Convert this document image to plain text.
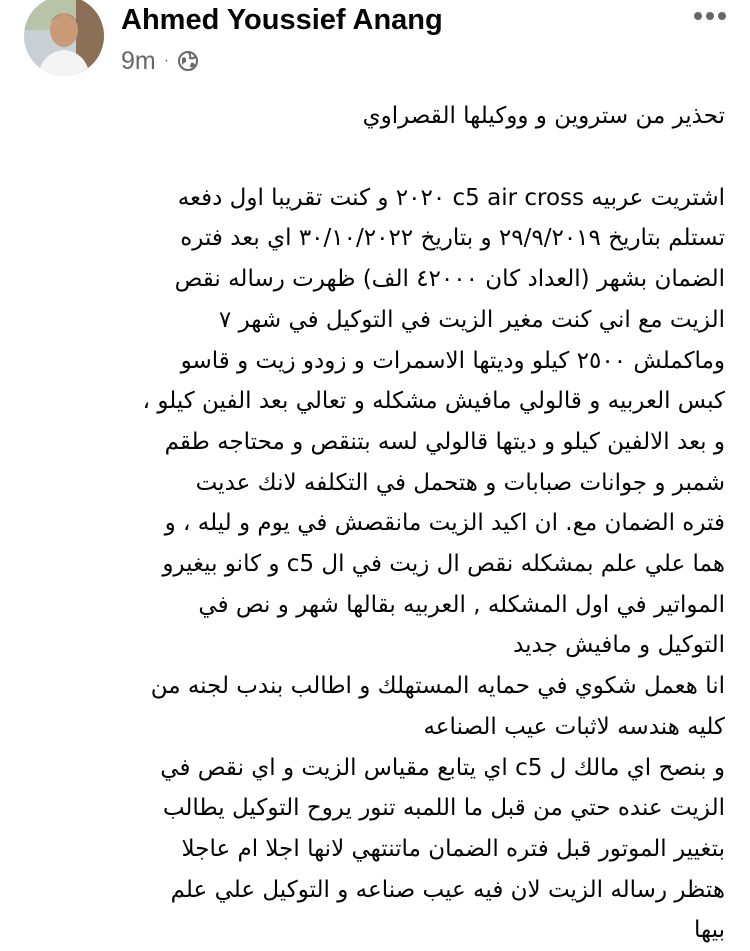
Ahmed Youssief Anang
9m ·

تحذير من ستروين و ووكيلها القصراوي

اشتريت عربيه c5 air cross ٢٠٢٠ و كنت تقريبا اول دفعه
تستلم بتاريخ ٢٩/٩/٢٠١٩ و بتاريخ ٣٠/١٠/٢٠٢٢ اي بعد فتره
الضمان بشهر (العداد كان ٤٢٠٠٠ الف) ظهرت رساله نقص
الزيت مع اني كنت مغير الزيت في التوكيل في شهر ٧
وماكملش ٢٥٠٠ كيلو وديتها الاسمرات و زودو زيت و قاسو
كبس العربيه و قالولي مافيش مشكله و تعالي بعد الفين كيلو ،
و بعد الالفين كيلو و ديتها قالولي لسه بتنقص و محتاجه طقم
شمبر و جوانات صبابات و هتحمل في التكلفه لانك عديت
فتره الضمان مع. ان اكيد الزيت مانقصش في يوم و ليله ، و
هما علي علم بمشكله نقص ال زيت في ال c5 و كانو بيغيرو
المواتير في اول المشكله , العربيه بقالها شهر و نص في
التوكيل و مافيش جديد
انا هعمل شكوي في حمايه المستهلك و اطالب بندب لجنه من
كليه هندسه لاثبات عيب الصناعه
و بنصح اي مالك ل c5 اي يتابع مقياس الزيت و اي نقص في
الزيت عنده حتي من قبل ما اللمبه تنور يروح التوكيل يطالب
بتغيير الموتور قبل فتره الضمان ماتنتهي لانها اجلا ام عاجلا
هتظر رساله الزيت لان فيه عيب صناعه و التوكيل علي علم
بيها
